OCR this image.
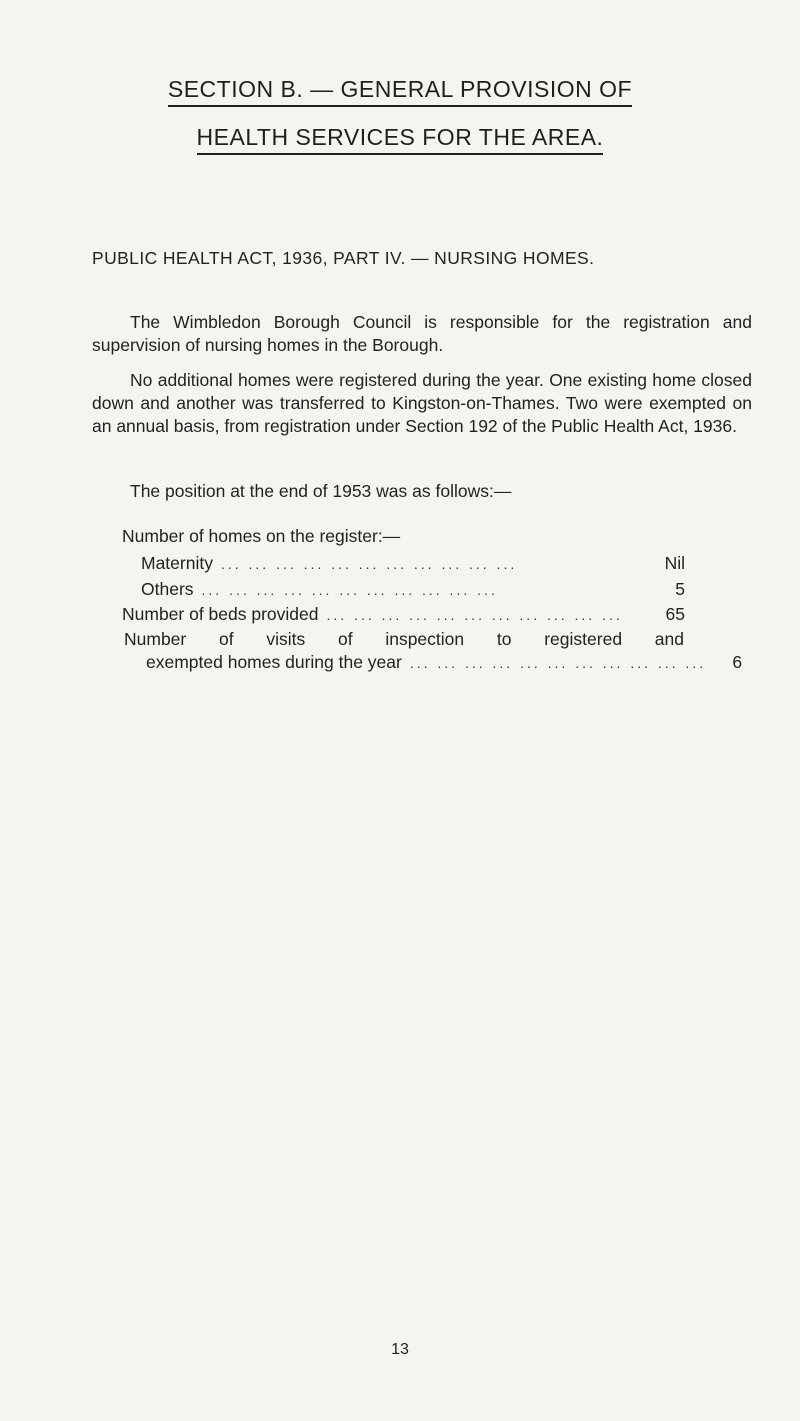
SECTION B. — GENERAL PROVISION OF
HEALTH SERVICES FOR THE AREA.
PUBLIC HEALTH ACT, 1936, PART IV. — NURSING HOMES.
The Wimbledon Borough Council is responsible for the registration and supervision of nursing homes in the Borough.
No additional homes were registered during the year. One existing home closed down and another was transferred to Kingston-on-Thames. Two were exempted on an annual basis, from registration under Section 192 of the Public Health Act, 1936.
The position at the end of 1953 was as follows:—
Number of homes on the register:—
Maternity ... ... ... ... ... ... ... ... ... ... ...	Nil
Others ... ... ... ... ... ... ... ... ... ... ...	5
Number of beds provided ... ... ... ... ... ... ... ... ... ... ...	65
Number of visits of inspection to registered and
exempted homes during the year ... ... ... ... ... ... ... ... ... ... ...	6
13
